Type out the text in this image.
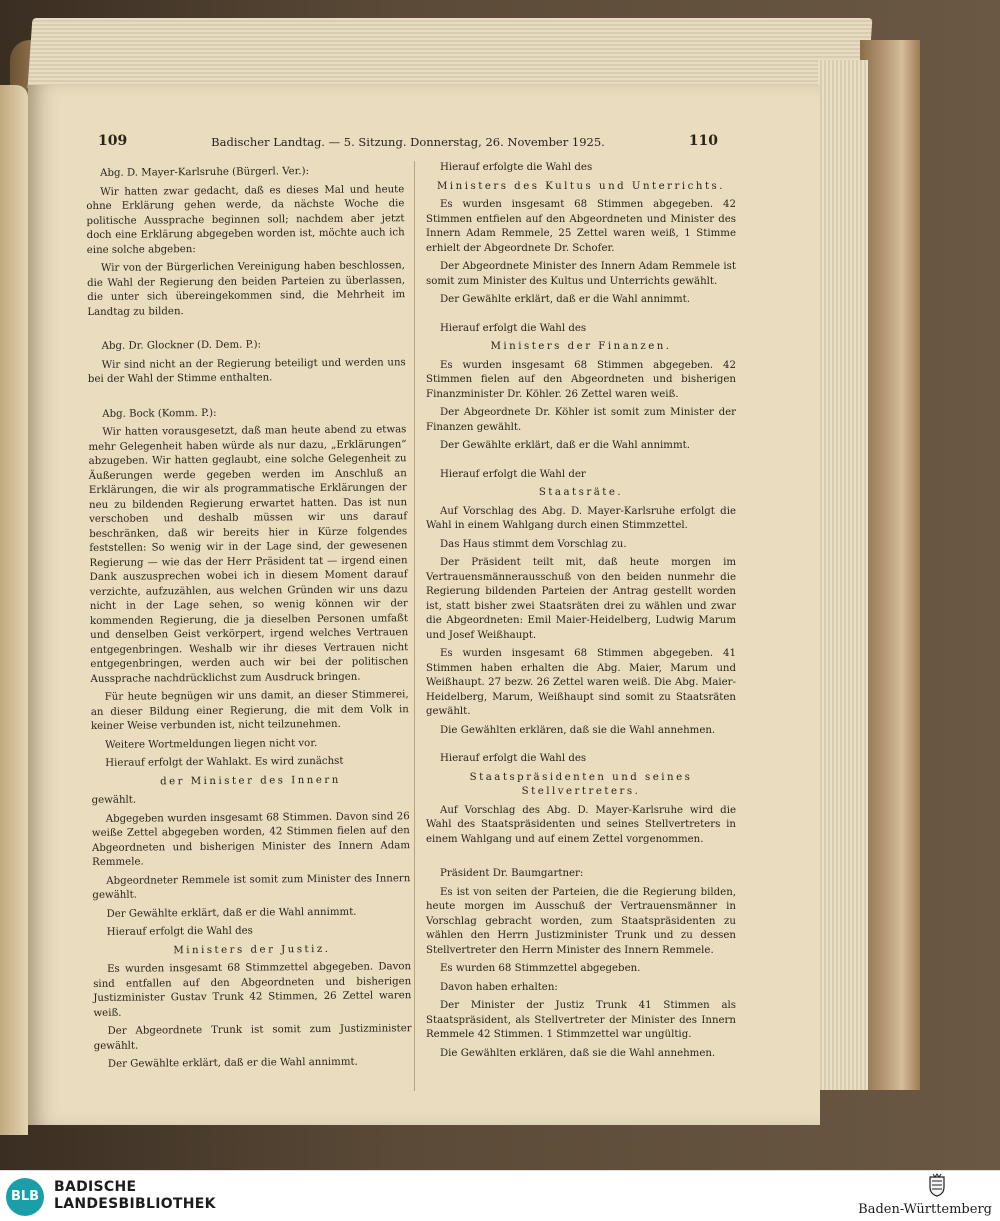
109	Badischer Landtag. — 5. Sitzung. Donnerstag, 26. November 1925.	110

Abg. D. Mayer-Karlsruhe (Bürgerl. Ver.):

Wir hatten zwar gedacht, daß es dieses Mal und heute ohne Erklärung gehen werde, da nächste Woche die politische Aussprache beginnen soll; nachdem aber jetzt doch eine Erklärung abgegeben worden ist, möchte auch ich eine solche abgeben:

Wir von der Bürgerlichen Vereinigung haben beschlossen, die Wahl der Regierung den beiden Parteien zu überlassen, die unter sich übereingekommen sind, die Mehrheit im Landtag zu bilden.

Abg. Dr. Glockner (D. Dem. P.):

Wir sind nicht an der Regierung beteiligt und werden uns bei der Wahl der Stimme enthalten.

Abg. Bock (Komm. P.):

Wir hatten vorausgesetzt, daß man heute abend zu etwas mehr Gelegenheit haben würde als nur dazu, „Erklärungen“ abzugeben. Wir hatten geglaubt, eine solche Gelegenheit zu Äußerungen werde gegeben werden im Anschluß an Erklärungen, die wir als programmatische Erklärungen der neu zu bildenden Regierung erwartet hatten. Das ist nun verschoben und deshalb müssen wir uns darauf beschränken, daß wir bereits hier in Kürze folgendes feststellen: So wenig wir in der Lage sind, der gewesenen Regierung — wie das der Herr Präsident tat — irgend einen Dank auszusprechen wobei ich in diesem Moment darauf verzichte, aufzuzählen, aus welchen Gründen wir uns dazu nicht in der Lage sehen, so wenig können wir der kommenden Regierung, die ja dieselben Personen umfaßt und denselben Geist verkörpert, irgend welches Vertrauen entgegenbringen. Weshalb wir ihr dieses Vertrauen nicht entgegenbringen, werden auch wir bei der politischen Aussprache nachdrücklichst zum Ausdruck bringen.

Für heute begnügen wir uns damit, an dieser Stimmerei, an dieser Bildung einer Regierung, die mit dem Volk in keiner Weise verbunden ist, nicht teilzunehmen.

Weitere Wortmeldungen liegen nicht vor.

Hierauf erfolgt der Wahlakt. Es wird zunächst

der Minister des Innern

gewählt.

Abgegeben wurden insgesamt 68 Stimmen. Davon sind 26 weiße Zettel abgegeben worden, 42 Stimmen fielen auf den Abgeordneten und bisherigen Minister des Innern Adam Remmele.

Abgeordneter Remmele ist somit zum Minister des Innern gewählt.

Der Gewählte erklärt, daß er die Wahl annimmt.

Hierauf erfolgt die Wahl des

Ministers der Justiz.

Es wurden insgesamt 68 Stimmzettel abgegeben. Davon sind entfallen auf den Abgeordneten und bisherigen Justizminister Gustav Trunk 42 Stimmen, 26 Zettel waren weiß.

Der Abgeordnete Trunk ist somit zum Justizminister gewählt.

Der Gewählte erklärt, daß er die Wahl annimmt.

Hierauf erfolgte die Wahl des

Ministers des Kultus und Unterrichts.

Es wurden insgesamt 68 Stimmen abgegeben. 42 Stimmen entfielen auf den Abgeordneten und Minister des Innern Adam Remmele, 25 Zettel waren weiß, 1 Stimme erhielt der Abgeordnete Dr. Schofer.

Der Abgeordnete Minister des Innern Adam Remmele ist somit zum Minister des Kultus und Unterrichts gewählt.

Der Gewählte erklärt, daß er die Wahl annimmt.

Hierauf erfolgt die Wahl des

Ministers der Finanzen.

Es wurden insgesamt 68 Stimmen abgegeben. 42 Stimmen fielen auf den Abgeordneten und bisherigen Finanzminister Dr. Köhler. 26 Zettel waren weiß.

Der Abgeordnete Dr. Köhler ist somit zum Minister der Finanzen gewählt.

Der Gewählte erklärt, daß er die Wahl annimmt.

Hierauf erfolgt die Wahl der

Staatsräte.

Auf Vorschlag des Abg. D. Mayer-Karlsruhe erfolgt die Wahl in einem Wahlgang durch einen Stimmzettel.

Das Haus stimmt dem Vorschlag zu.

Der Präsident teilt mit, daß heute morgen im Vertrauensmännerausschuß von den beiden nunmehr die Regierung bildenden Parteien der Antrag gestellt worden ist, statt bisher zwei Staatsräten drei zu wählen und zwar die Abgeordneten: Emil Maier-Heidelberg, Ludwig Marum und Josef Weißhaupt.

Es wurden insgesamt 68 Stimmen abgegeben. 41 Stimmen haben erhalten die Abg. Maier, Marum und Weißhaupt. 27 bezw. 26 Zettel waren weiß. Die Abg. Maier-Heidelberg, Marum, Weißhaupt sind somit zu Staatsräten gewählt.

Die Gewählten erklären, daß sie die Wahl annehmen.

Hierauf erfolgt die Wahl des

Staatspräsidenten und seines Stellvertreters.

Auf Vorschlag des Abg. D. Mayer-Karlsruhe wird die Wahl des Staatspräsidenten und seines Stellvertreters in einem Wahlgang und auf einem Zettel vorgenommen.

Präsident Dr. Baumgartner:

Es ist von seiten der Parteien, die die Regierung bilden, heute morgen im Ausschuß der Vertrauensmänner in Vorschlag gebracht worden, zum Staatspräsidenten zu wählen den Herrn Justizminister Trunk und zu dessen Stellvertreter den Herrn Minister des Innern Remmele.

Es wurden 68 Stimmzettel abgegeben.

Davon haben erhalten:

Der Minister der Justiz Trunk 41 Stimmen als Staatspräsident, als Stellvertreter der Minister des Innern Remmele 42 Stimmen. 1 Stimmzettel war ungültig.

Die Gewählten erklären, daß sie die Wahl annehmen.

BLB
BADISCHE
LANDESBIBLIOTHEK	Baden-Württemberg
